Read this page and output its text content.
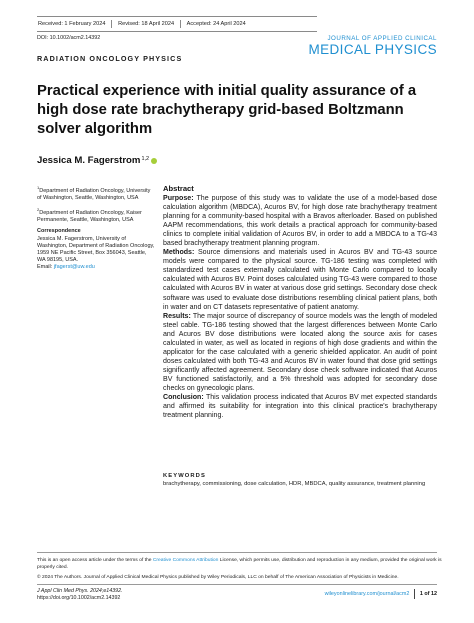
Received: 1 February 2024	Revised: 18 April 2024	Accepted: 24 April 2024
DOI: 10.1002/acm2.14392	JOURNAL OF APPLIED CLINICAL
MEDICAL PHYSICS
RADIATION ONCOLOGY PHYSICS
Practical experience with initial quality assurance of a high dose rate brachytherapy grid-based Boltzmann solver algorithm
Jessica M. Fagerstrom 1,2

$^1$Department of Radiation Oncology, University of Washington, Seattle, Washington, USA

$^2$Department of Radiation Oncology, Kaiser Permanente, Seattle, Washington, USA

Correspondence

Jessica M. Fagerstrom, University of Washington, Department of Radiation Oncology, 1959 NE Pacific Street, Box 356043, Seattle, WA 98195, USA.
Email: jfagerst@uw.edu

Abstract

Purpose: The purpose of this study was to validate the use of a model-based dose calculation algorithm (MBDCA), Acuros BV, for high dose rate brachytherapy treatment planning for a community-based hospital with a Bravos afterloader. Based on published AAPM recommendations, this work details a practical approach for community-based clinics to complete initial validation of Acuros BV, in order to add a MBDCA to a TG-43 based brachytherapy treatment planning program.

Methods: Source dimensions and materials used in Acuros BV and TG-43 source models were compared to the physical source. TG-186 testing was completed with standardized test cases externally calculated with Monte Carlo compared to locally calculated with Acuros BV. Point doses calculated using TG-43 were compared to those calculated with Acuros BV in water at various dose grid settings. Secondary dose check software was used to evaluate dose distributions resembling clinical patient plans, both in water and on CT datasets representative of patient anatomy.

Results: The major source of discrepancy of source models was the length of modeled steel cable. TG-186 testing showed that the largest differences between Monte Carlo and Acuros BV dose distributions were located along the source axis for cases calculated in water, as well as located in regions of high dose gradients and within the applicator for the case calculated with a generic shielded applicator. An audit of point doses calculated with both TG-43 and Acuros BV in water found that dose grid settings significantly affected agreement. Secondary dose check software indicated that Acuros BV functioned satisfactorily, and a 5% threshold was adopted for secondary dose checks on gynecologic plans.

Conclusion: This validation process indicated that Acuros BV met expected standards and affirmed its suitability for integration into this clinical practice's brachytherapy treatment planning.

KEYWORDS
brachytherapy, commissioning, dose calculation, HDR, MBDCA, quality assurance, treatment planning

This is an open access article under the terms of the Creative Commons Attribution License, which permits use, distribution and reproduction in any medium, provided the original work is properly cited.

© 2024 The Authors. Journal of Applied Clinical Medical Physics published by Wiley Periodicals, LLC on behalf of The American Association of Physicists in Medicine.

J Appl Clin Med Phys. 2024;e14392.
https://doi.org/10.1002/acm2.14392
wileyonlinelibrary.com/journal/acm2 1 of 12
